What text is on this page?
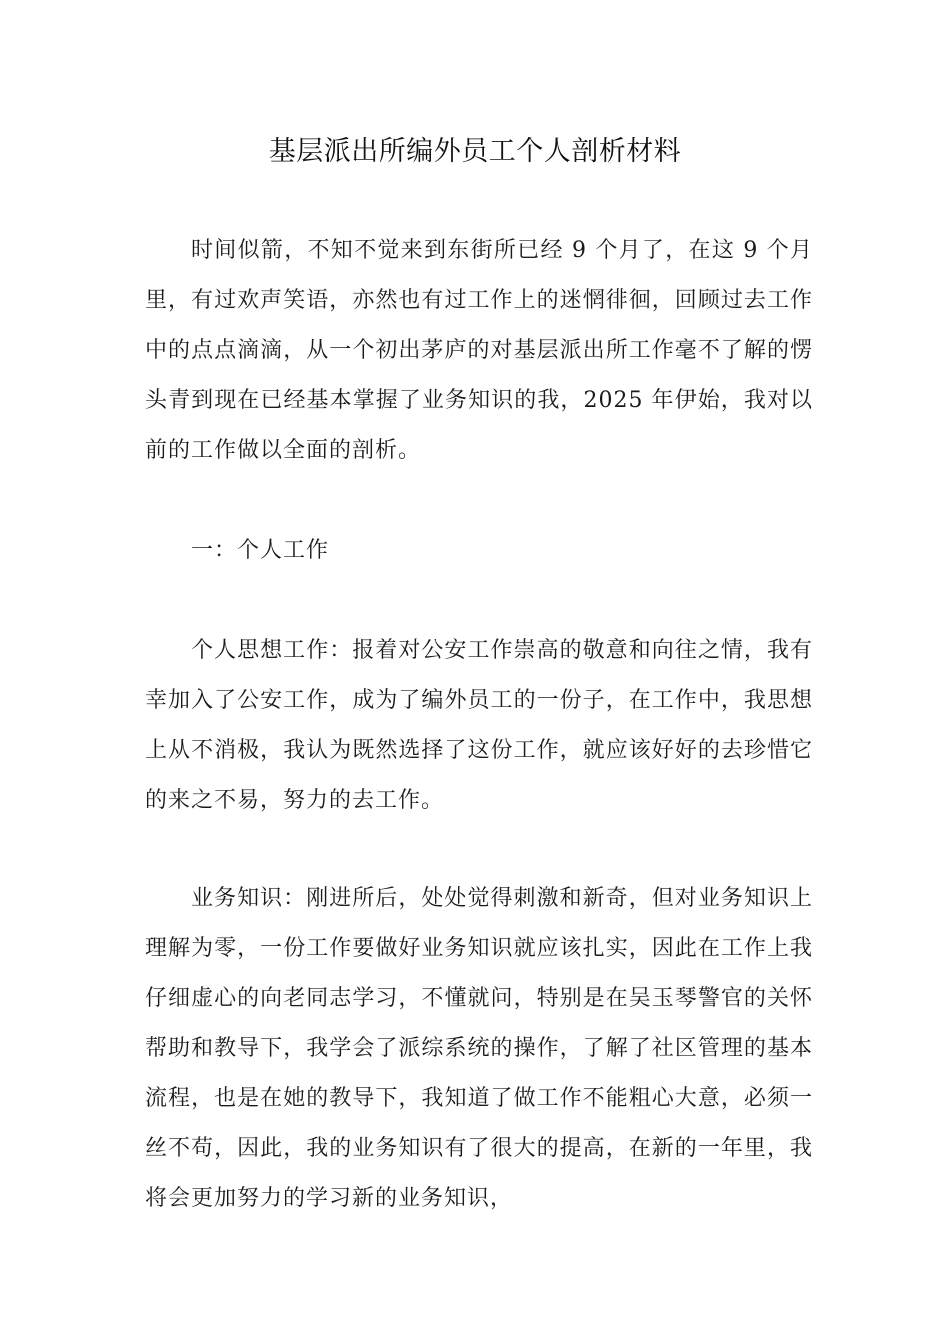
基层派出所编外员工个人剖析材料

时间似箭，不知不觉来到东街所已经 9 个月了，在这 9 个月里，有过欢声笑语，亦然也有过工作上的迷惘徘徊，回顾过去工作中的点点滴滴，从一个初出茅庐的对基层派出所工作毫不了解的愣头青到现在已经基本掌握了业务知识的我，2025 年伊始，我对以前的工作做以全面的剖析。

一：个人工作

个人思想工作：报着对公安工作崇高的敬意和向往之情，我有幸加入了公安工作，成为了编外员工的一份子，在工作中，我思想上从不消极，我认为既然选择了这份工作，就应该好好的去珍惜它的来之不易，努力的去工作。

业务知识：刚进所后，处处觉得刺激和新奇，但对业务知识上理解为零，一份工作要做好业务知识就应该扎实，因此在工作上我仔细虚心的向老同志学习，不懂就问，特别是在吴玉琴警官的关怀帮助和教导下，我学会了派综系统的操作，了解了社区管理的基本流程，也是在她的教导下，我知道了做工作不能粗心大意，必须一丝不苟，因此，我的业务知识有了很大的提高，在新的一年里，我将会更加努力的学习新的业务知识，
